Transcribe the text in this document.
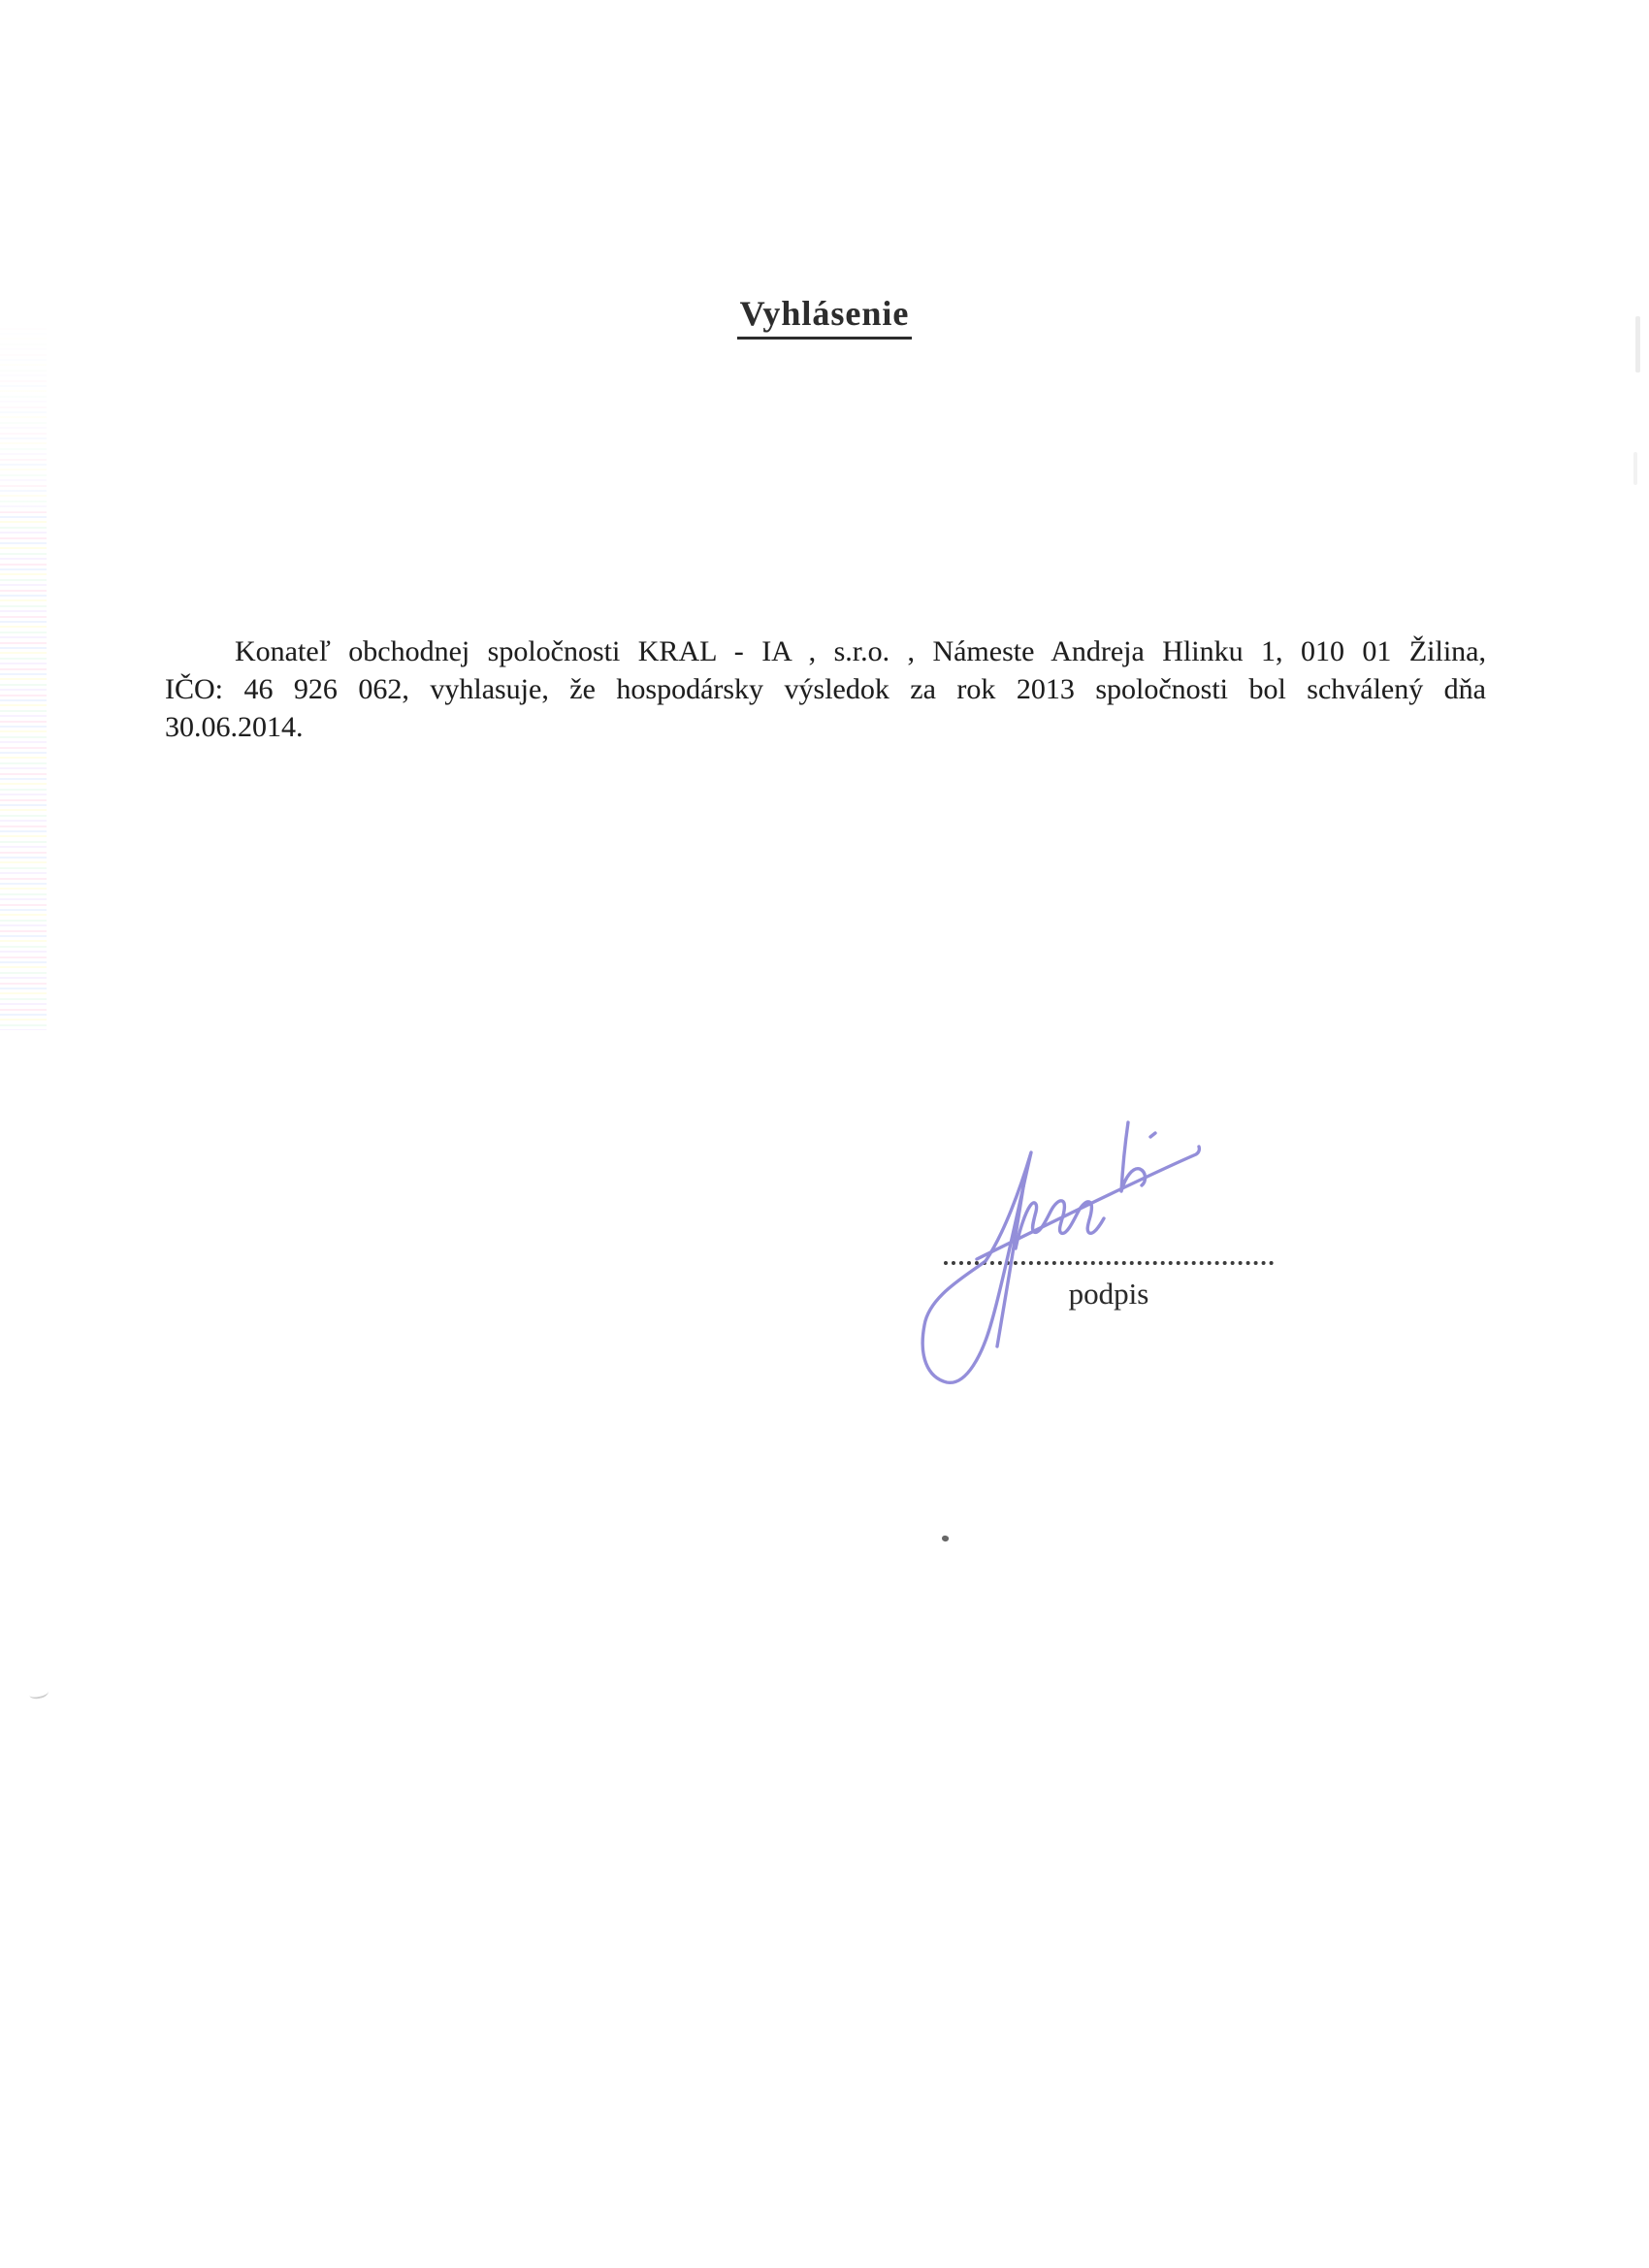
Vyhlásenie
Konateľ obchodnej spoločnosti KRAL - IA , s.r.o. , Námeste Andreja Hlinku 1, 010 01 Žilina,
IČO: 46 926 062, vyhlasuje, že hospodársky výsledok za rok 2013 spoločnosti bol schválený dňa
30.06.2014.
podpis
